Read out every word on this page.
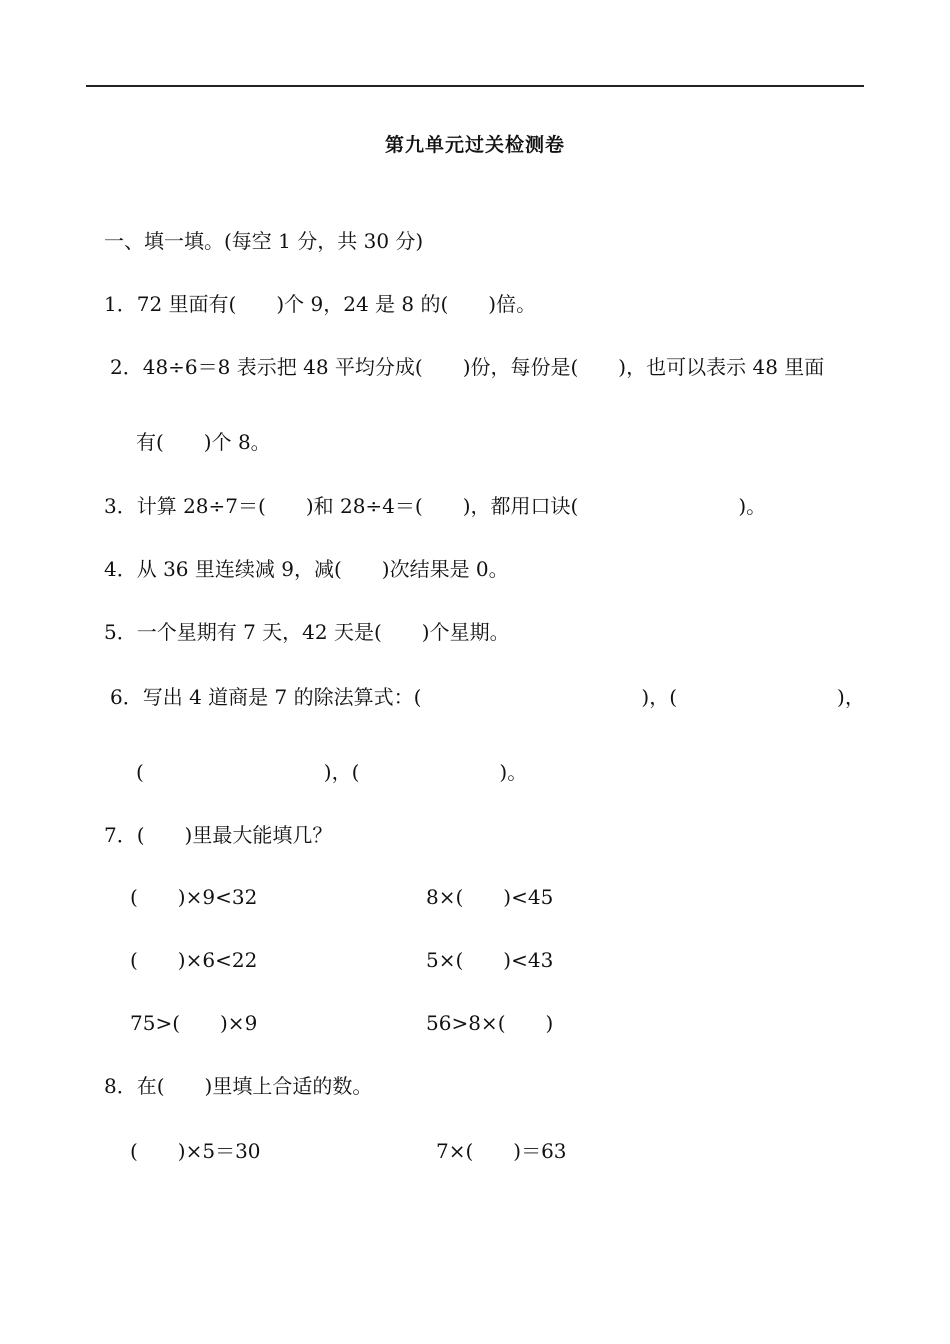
第九单元过关检测卷
一、填一填。(每空 1 分，共 30 分)
1．72 里面有(　　)个 9，24 是 8 的(　　)倍。
2．48÷6＝8 表示把 48 平均分成(　　)份，每份是(　　)，也可以表示 48 里面
有(　　)个 8。
3．计算 28÷7＝(　　)和 28÷4＝(　　)，都用口诀(　　　　　　　　)。
4．从 36 里连续减 9，减(　　)次结果是 0。
5．一个星期有 7 天，42 天是(　　)个星期。
6．写出 4 道商是 7 的除法算式：(　　　　　　　　　　　)，(　　　　　　　　)，
(　　　　　　　　　)，(　　　　　　　)。
7．(　　)里最大能填几？
(　　)×9<32	8×(　　)<45
(　　)×6<22	5×(　　)<43
75>(　　)×9	56>8×(　　)
8．在(　　)里填上合适的数。
(　　)×5＝30	7×(　　)＝63
